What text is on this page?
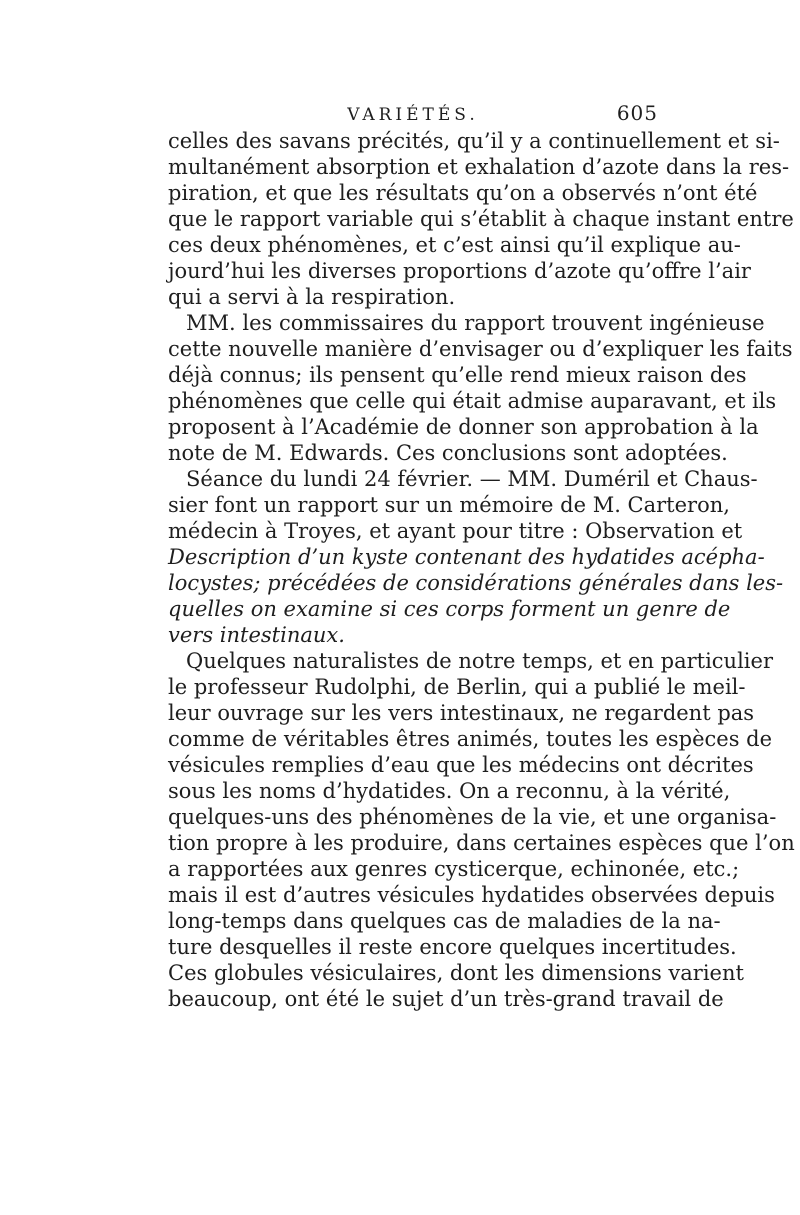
VARIÉTÉS.	605
celles des savans précités, qu’il y a continuellement et si-
multanément absorption et exhalation d’azote dans la res-
piration, et que les résultats qu’on a observés n’ont été
que le rapport variable qui s’établit à chaque instant entre
ces deux phénomènes, et c’est ainsi qu’il explique au-
jourd’hui les diverses proportions d’azote qu’offre l’air
qui a servi à la respiration.
MM. les commissaires du rapport trouvent ingénieuse
cette nouvelle manière d’envisager ou d’expliquer les faits
déjà connus; ils pensent qu’elle rend mieux raison des
phénomènes que celle qui était admise auparavant, et ils
proposent à l’Académie de donner son approbation à la
note de M. Edwards. Ces conclusions sont adoptées.
Séance du lundi 24 février. — MM. Duméril et Chaus-
sier font un rapport sur un mémoire de M. Carteron,
médecin à Troyes, et ayant pour titre : Observation et
Description d’un kyste contenant des hydatides acépha-
locystes; précédées de considérations générales dans les-
quelles on examine si ces corps forment un genre de
vers intestinaux.
Quelques naturalistes de notre temps, et en particulier
le professeur Rudolphi, de Berlin, qui a publié le meil-
leur ouvrage sur les vers intestinaux, ne regardent pas
comme de véritables êtres animés, toutes les espèces de
vésicules remplies d’eau que les médecins ont décrites
sous les noms d’hydatides. On a reconnu, à la vérité,
quelques-uns des phénomènes de la vie, et une organisa-
tion propre à les produire, dans certaines espèces que l’on
a rapportées aux genres cysticerque, echinonée, etc.;
mais il est d’autres vésicules hydatides observées depuis
long-temps dans quelques cas de maladies de la na-
ture desquelles il reste encore quelques incertitudes.
Ces globules vésiculaires, dont les dimensions varient
beaucoup, ont été le sujet d’un très-grand travail de
